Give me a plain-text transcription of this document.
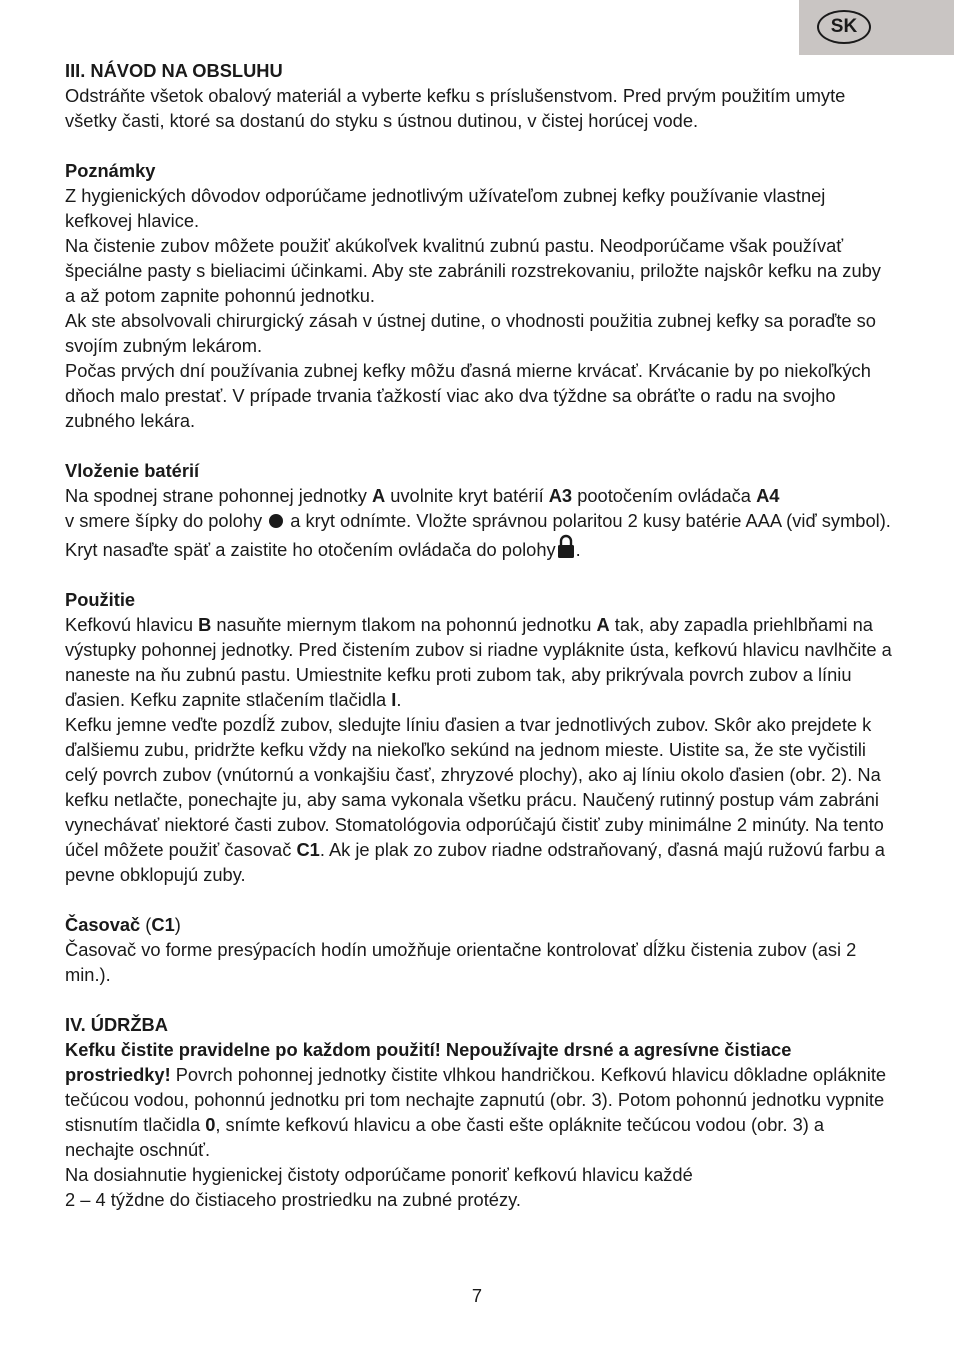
SK

III. NÁVOD NA OBSLUHU

Odstráňte všetok obalový materiál a vyberte kefku s príslušenstvom. Pred prvým použitím umyte všetky časti, ktoré sa dostanú do styku s ústnou dutinou, v čistej horúcej vode.

Poznámky

Z hygienických dôvodov odporúčame jednotlivým užívateľom zubnej kefky používanie vlastnej kefkovej hlavice.

Na čistenie zubov môžete použiť akúkoľvek kvalitnú zubnú pastu. Neodporúčame však používať špeciálne pasty s bieliacimi účinkami. Aby ste zabránili rozstrekovaniu, priložte najskôr kefku na zuby a až potom zapnite pohonnú jednotku.

Ak ste absolvovali chirurgický zásah v ústnej dutine, o vhodnosti použitia zubnej kefky sa poraďte so svojím zubným lekárom.

Počas prvých dní používania zubnej kefky môžu ďasná mierne krvácať. Krvácanie by po niekoľkých dňoch malo prestať. V prípade trvania ťažkostí viac ako dva týždne sa obráťte o radu na svojho zubného lekára.

Vloženie batérií

Na spodnej strane pohonnej jednotky A uvolnite kryt batérií A3 pootočením ovládača A4
v smere šípky do polohy  a kryt odnímte. Vložte správnou polaritou 2 kusy batérie AAA (viď symbol). Kryt nasaďte späť a zaistite ho otočením ovládača do polohy .

Použitie

Kefkovú hlavicu B nasuňte miernym tlakom na pohonnú jednotku A tak, aby zapadla priehlbňami na výstupky pohonnej jednotky. Pred čistením zubov si riadne vypláknite ústa, kefkovú hlavicu navlhčite a naneste na ňu zubnú pastu. Umiestnite kefku proti zubom tak, aby prikrývala povrch zubov a líniu ďasien. Kefku zapnite stlačením tlačidla I.

Kefku jemne veďte pozdĺž zubov, sledujte líniu ďasien a tvar jednotlivých zubov. Skôr ako prejdete k ďalšiemu zubu, pridržte kefku vždy na niekoľko sekúnd na jednom mieste. Uistite sa, že ste vyčistili celý povrch zubov (vnútornú a vonkajšiu časť, zhryzové plochy), ako aj líniu okolo ďasien (obr. 2). Na kefku netlačte, ponechajte ju, aby sama vykonala všetku prácu. Naučený rutinný postup vám zabráni vynechávať niektoré časti zubov. Stomatológovia odporúčajú čistiť zuby minimálne 2 minúty. Na tento účel môžete použiť časovač C1. Ak je plak zo zubov riadne odstraňovaný, ďasná majú ružovú farbu a pevne obklopujú zuby.

Časovač (C1)

Časovač vo forme presýpacích hodín umožňuje orientačne kontrolovať dĺžku čistenia zubov (asi 2 min.).

IV. ÚDRŽBA

Kefku čistite pravidelne po každom použití! Nepoužívajte drsné a agresívne čistiace prostriedky! Povrch pohonnej jednotky čistite vlhkou handričkou. Kefkovú hlavicu dôkladne opláknite tečúcou vodou, pohonnú jednotku pri tom nechajte zapnutú (obr. 3). Potom pohonnú jednotku vypnite stisnutím tlačidla 0, snímte kefkovú hlavicu a obe časti ešte opláknite tečúcou vodou (obr. 3) a nechajte oschnúť.

Na dosiahnutie hygienickej čistoty odporúčame ponoriť kefkovú hlavicu každé
2 – 4 týždne do čistiaceho prostriedku na zubné protézy.

7
